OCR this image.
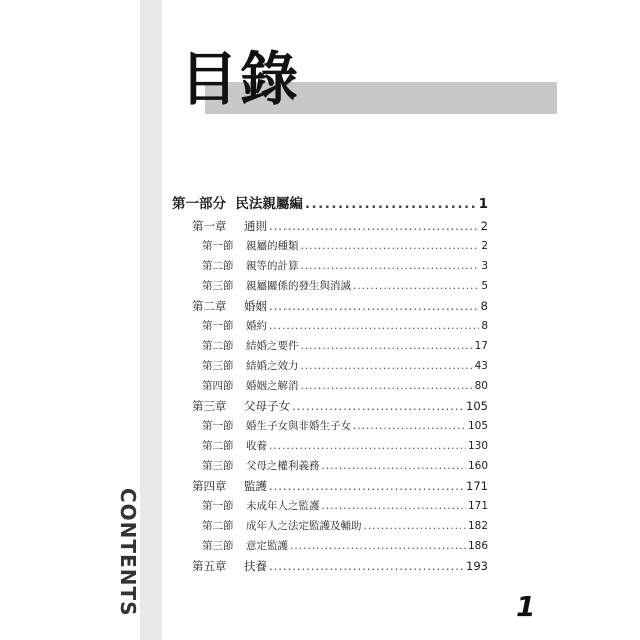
CONTENTS
目錄
第一部分 民法親屬編 .....	1
第一章 通則 .....	2
第一節 親屬的種類 .....	2
第二節 親等的計算 .....	3
第三節 親屬關係的發生與消滅 .....	5
第二章 婚姻 .....	8
第一節 婚約 .....	8
第二節 結婚之要件 .....	17
第三節 結婚之效力 .....	43
第四節 婚姻之解消 .....	80
第三章 父母子女 .....	105
第一節 婚生子女與非婚生子女 .....	105
第二節 收養 .....	130
第三節 父母之權利義務 .....	160
第四章 監護 .....	171
第一節 未成年人之監護 .....	171
第二節 成年人之法定監護及輔助 .....	182
第三節 意定監護 .....	186
第五章 扶養 .....	193
1
